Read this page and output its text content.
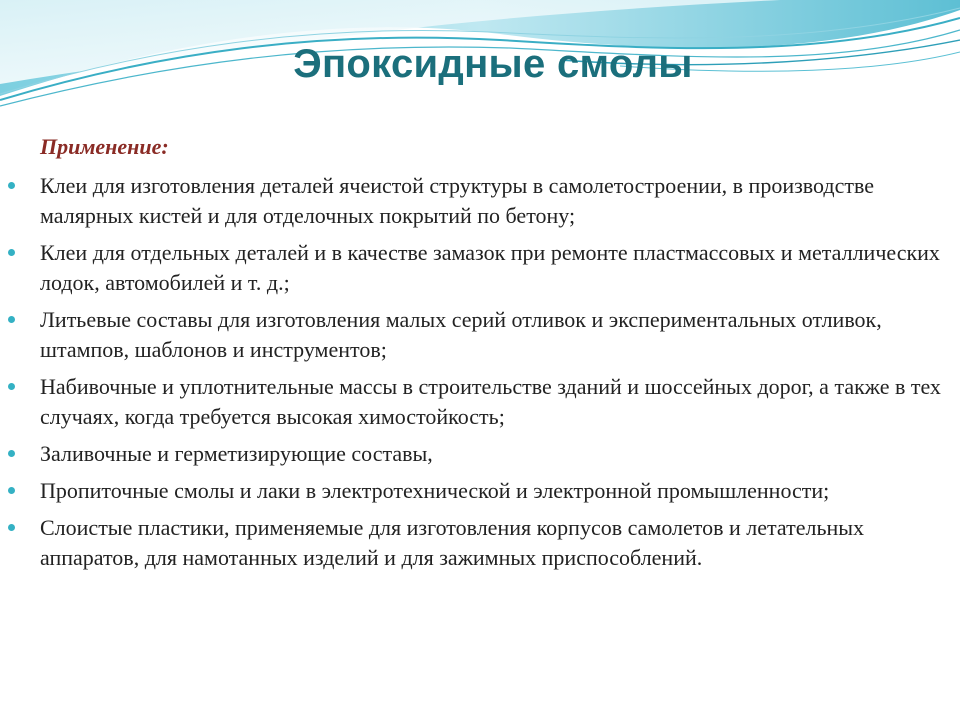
Эпоксидные смолы
Применение:
Клеи для изготовления деталей ячеистой структуры в самолетостроении, в производстве малярных кистей и для отделочных покрытий по бетону;
Клеи для отдельных деталей и в качестве замазок при ремонте пластмассовых и металлических лодок, автомобилей и т. д.;
Литьевые составы для изготовления малых серий отливок и экспериментальных отливок, штампов, шаблонов и инструментов;
Набивочные и уплотнительные массы в строительстве зданий и шоссейных дорог, а также в тех случаях, когда требуется высокая химостойкость;
Заливочные и герметизирующие составы,
Пропиточные смолы и лаки в электротехнической и электронной промышленности;
Слоистые пластики, применяемые для изготовления корпусов самолетов и летательных аппаратов, для намотанных изделий и для зажимных приспособлений.
